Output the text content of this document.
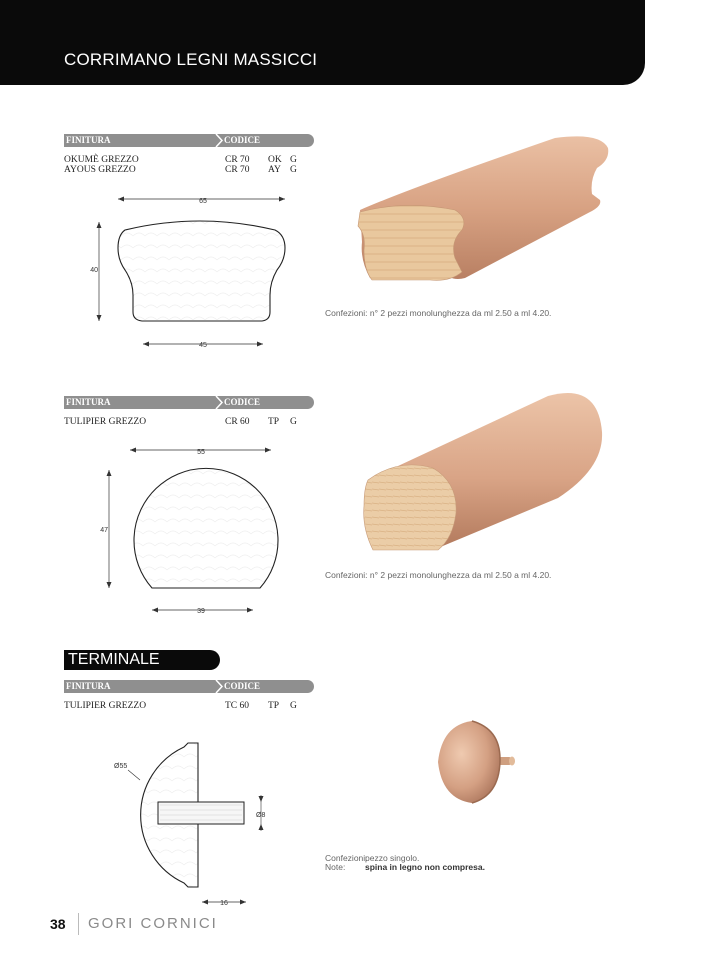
CORRIMANO LEGNI MASSICCI
FINITURA	CODICE
OKUMÈ GREZZO	CR 70 OK G
AYOUS GREZZO	CR 70 AY G
65
40
45
Confezioni: n° 2 pezzi monolunghezza da ml 2.50 a ml 4.20.
FINITURA	CODICE
TULIPIER GREZZO	CR 60 TP G
55
47
39
Confezioni: n° 2 pezzi monolunghezza da ml 2.50 a ml 4.20.
TERMINALE
FINITURA	CODICE
TULIPIER GREZZO	TC 60 TP G
Ø55
Ø8
16
Confezioni:
pezzo singolo.
Note: spina in legno non compresa.
38 GORI CORNICI
